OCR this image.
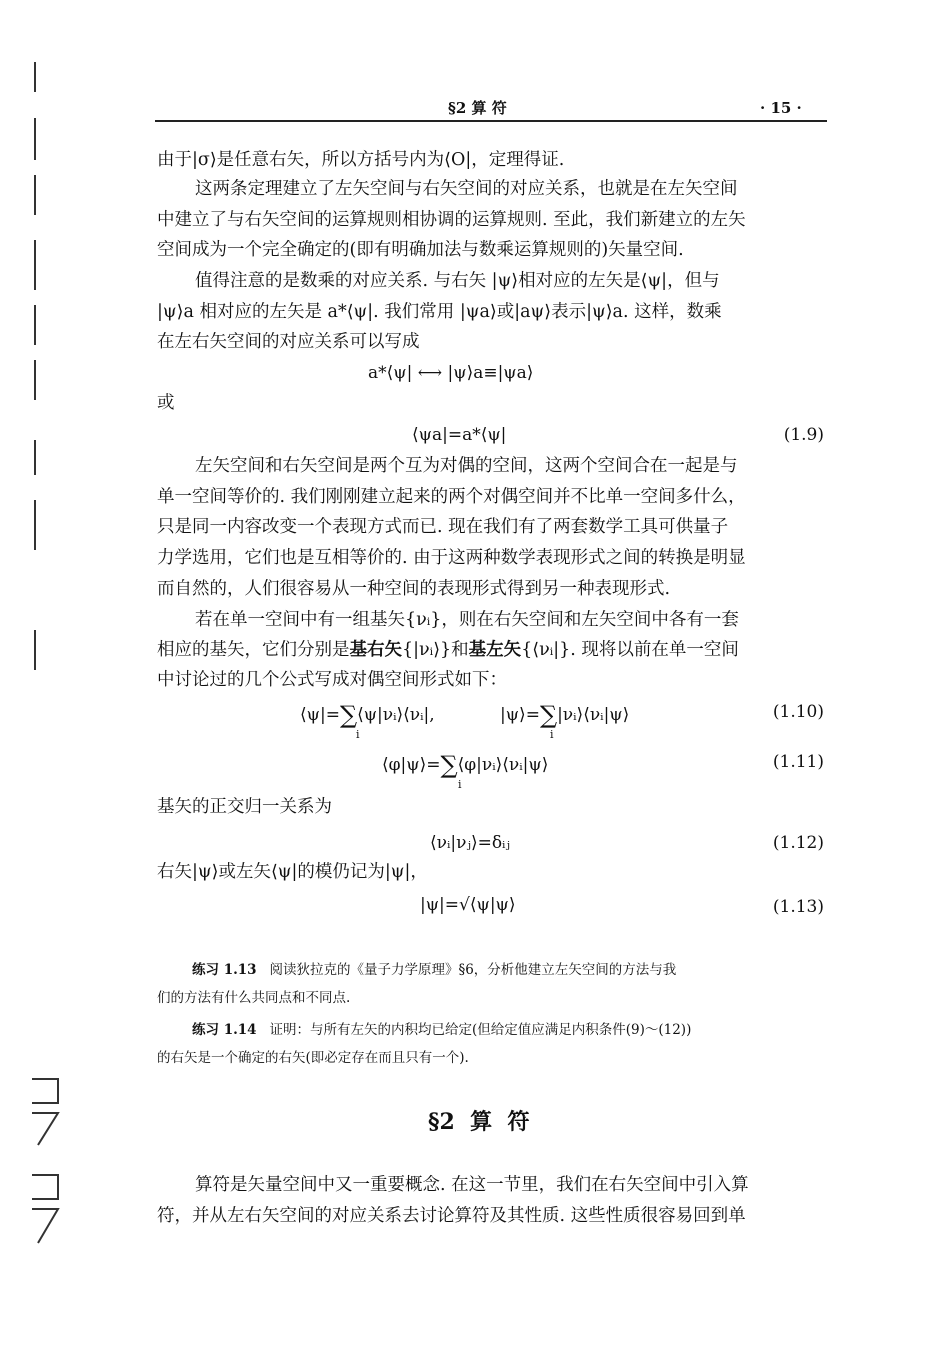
§2 算 符	· 15 ·
由于|σ⟩是任意右矢，所以方括号内为⟨O|，定理得证.
这两条定理建立了左矢空间与右矢空间的对应关系，也就是在左矢空间
中建立了与右矢空间的运算规则相协调的运算规则. 至此，我们新建立的左矢
空间成为一个完全确定的(即有明确加法与数乘运算规则的)矢量空间.
值得注意的是数乘的对应关系. 与右矢 |ψ⟩相对应的左矢是⟨ψ|，但与
|ψ⟩a 相对应的左矢是 a*⟨ψ|. 我们常用 |ψa⟩或|aψ⟩表示|ψ⟩a. 这样，数乘
在左右矢空间的对应关系可以写成
a*⟨ψ| ⟷ |ψ⟩a≡|ψa⟩
或
⟨ψa|=a*⟨ψ|	(1.9)
左矢空间和右矢空间是两个互为对偶的空间，这两个空间合在一起是与
单一空间等价的. 我们刚刚建立起来的两个对偶空间并不比单一空间多什么，
只是同一内容改变一个表现方式而已. 现在我们有了两套数学工具可供量子
力学选用，它们也是互相等价的. 由于这两种数学表现形式之间的转换是明显
而自然的，人们很容易从一种空间的表现形式得到另一种表现形式.
若在单一空间中有一组基矢{νᵢ}，则在右矢空间和左矢空间中各有一套
相应的基矢，它们分别是基右矢{|νᵢ⟩}和基左矢{⟨νᵢ|}. 现将以前在单一空间
中讨论过的几个公式写成对偶空间形式如下：
⟨ψ|=∑⟨ψ|νᵢ⟩⟨νᵢ|,
i
|ψ⟩=∑|νᵢ⟩⟨νᵢ|ψ⟩
i
(1.10)
⟨φ|ψ⟩=∑⟨φ|νᵢ⟩⟨νᵢ|ψ⟩
i
(1.11)
基矢的正交归一关系为
⟨νᵢ|νⱼ⟩=δᵢⱼ	(1.12)
右矢|ψ⟩或左矢⟨ψ|的模仍记为|ψ|，
|ψ|=√⟨ψ|ψ⟩	(1.13)
练习 1.13 阅读狄拉克的《量子力学原理》§6，分析他建立左矢空间的方法与我
们的方法有什么共同点和不同点.
练习 1.14 证明：与所有左矢的内积均已给定(但给定值应满足内积条件(9)～(12))
的右矢是一个确定的右矢(即必定存在而且只有一个).
§2  算  符
算符是矢量空间中又一重要概念. 在这一节里，我们在右矢空间中引入算
符，并从左右矢空间的对应关系去讨论算符及其性质. 这些性质很容易回到单
